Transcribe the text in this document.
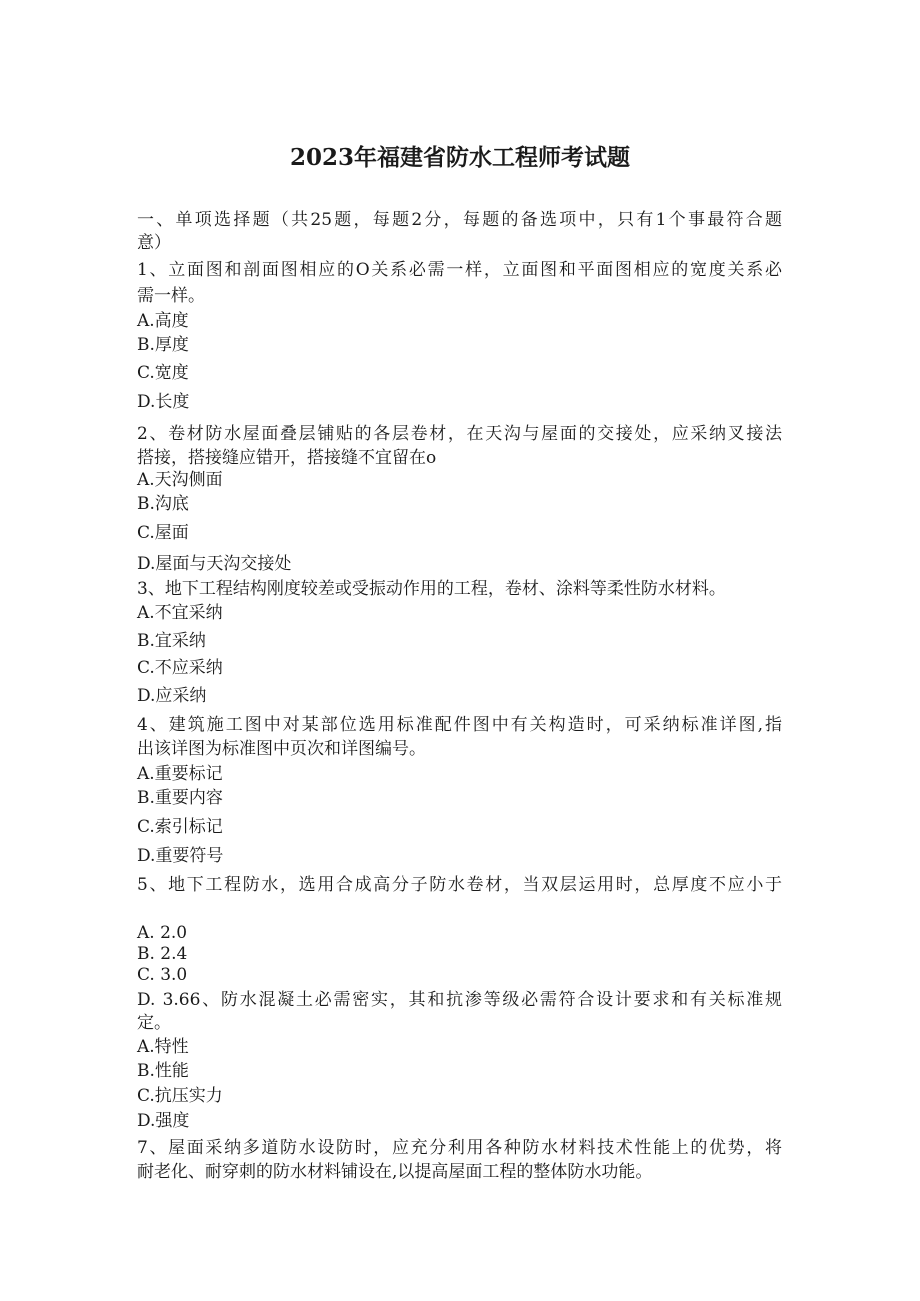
2023年福建省防水工程师考试题
一、单项选择题（共25题，每题2分，每题的备选项中，只有1个事最符合题
意）
1、立面图和剖面图相应的O关系必需一样，立面图和平面图相应的宽度关系必
需一样。
A.高度
B.厚度
C.宽度
D.长度
2、卷材防水屋面叠层铺贴的各层卷材，在天沟与屋面的交接处，应采纳叉接法
搭接，搭接缝应错开，搭接缝不宜留在o
A.天沟侧面
B.沟底
C.屋面
D.屋面与天沟交接处
3、地下工程结构刚度较差或受振动作用的工程，卷材、涂料等柔性防水材料。
A.不宜采纳
B.宜采纳
C.不应采纳
D.应采纳
4、建筑施工图中对某部位选用标准配件图中有关构造时，可采纳标准详图,指
出该详图为标准图中页次和详图编号。
A.重要标记
B.重要内容
C.索引标记
D.重要符号
5、地下工程防水，选用合成高分子防水卷材，当双层运用时，总厚度不应小于
A. 2.0
B. 2.4
C. 3.0
D. 3.66、防水混凝土必需密实，其和抗渗等级必需符合设计要求和有关标准规
定。
A.特性
B.性能
C.抗压实力
D.强度
7、屋面采纳多道防水设防时，应充分利用各种防水材料技术性能上的优势，将
耐老化、耐穿刺的防水材料铺设在,以提高屋面工程的整体防水功能。
